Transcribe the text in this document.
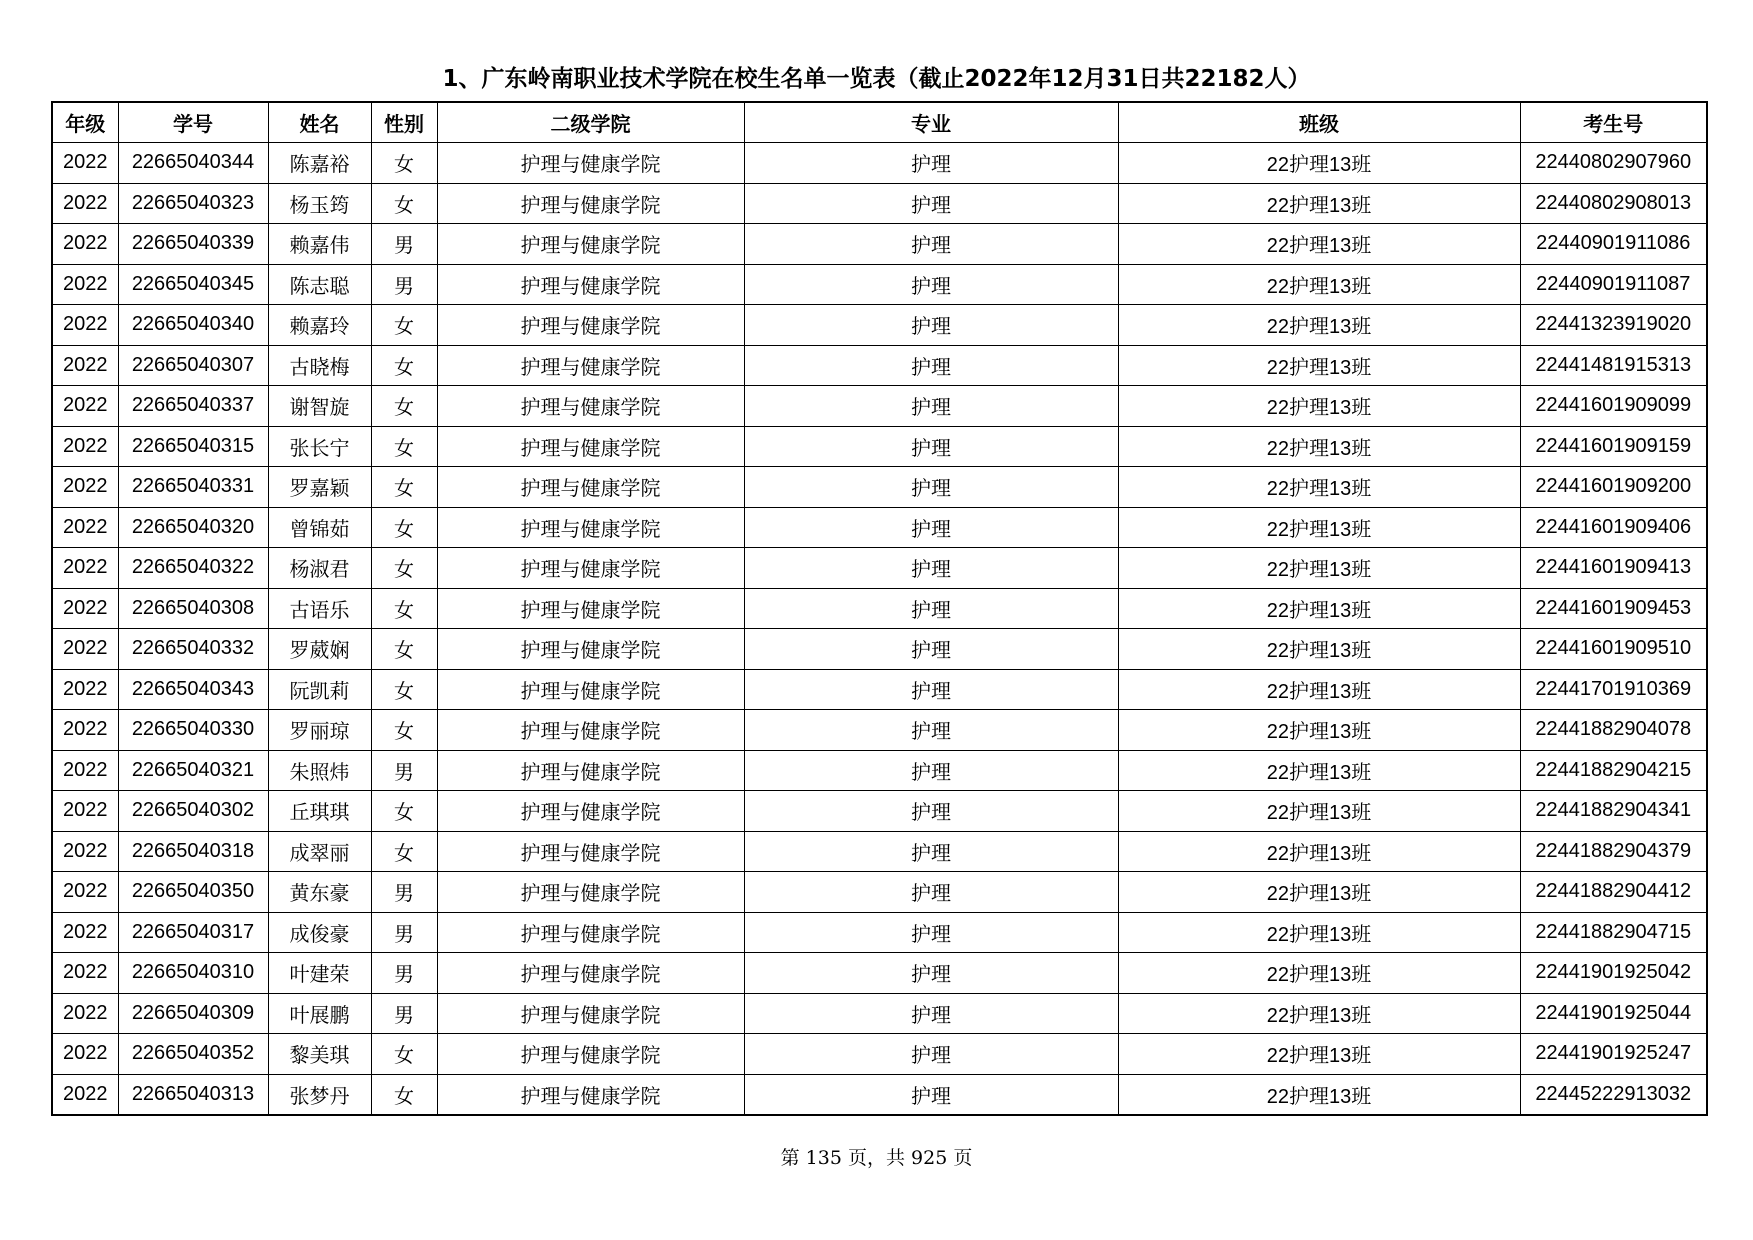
1、广东岭南职业技术学院在校生名单一览表（截止2022年12月31日共22182人）
年级	学号	姓名	性别	二级学院	专业	班级	考生号
2022	22665040344	陈嘉裕	女	护理与健康学院	护理	22护理13班	22440802907960
2022	22665040323	杨玉筠	女	护理与健康学院	护理	22护理13班	22440802908013
2022	22665040339	赖嘉伟	男	护理与健康学院	护理	22护理13班	22440901911086
2022	22665040345	陈志聪	男	护理与健康学院	护理	22护理13班	22440901911087
2022	22665040340	赖嘉玲	女	护理与健康学院	护理	22护理13班	22441323919020
2022	22665040307	古晓梅	女	护理与健康学院	护理	22护理13班	22441481915313
2022	22665040337	谢智旋	女	护理与健康学院	护理	22护理13班	22441601909099
2022	22665040315	张长宁	女	护理与健康学院	护理	22护理13班	22441601909159
2022	22665040331	罗嘉颖	女	护理与健康学院	护理	22护理13班	22441601909200
2022	22665040320	曾锦茹	女	护理与健康学院	护理	22护理13班	22441601909406
2022	22665040322	杨淑君	女	护理与健康学院	护理	22护理13班	22441601909413
2022	22665040308	古语乐	女	护理与健康学院	护理	22护理13班	22441601909453
2022	22665040332	罗葳娴	女	护理与健康学院	护理	22护理13班	22441601909510
2022	22665040343	阮凯莉	女	护理与健康学院	护理	22护理13班	22441701910369
2022	22665040330	罗丽琼	女	护理与健康学院	护理	22护理13班	22441882904078
2022	22665040321	朱照炜	男	护理与健康学院	护理	22护理13班	22441882904215
2022	22665040302	丘琪琪	女	护理与健康学院	护理	22护理13班	22441882904341
2022	22665040318	成翠丽	女	护理与健康学院	护理	22护理13班	22441882904379
2022	22665040350	黄东豪	男	护理与健康学院	护理	22护理13班	22441882904412
2022	22665040317	成俊豪	男	护理与健康学院	护理	22护理13班	22441882904715
2022	22665040310	叶建荣	男	护理与健康学院	护理	22护理13班	22441901925042
2022	22665040309	叶展鹏	男	护理与健康学院	护理	22护理13班	22441901925044
2022	22665040352	黎美琪	女	护理与健康学院	护理	22护理13班	22441901925247
2022	22665040313	张梦丹	女	护理与健康学院	护理	22护理13班	22445222913032
第 135 页，共 925 页
